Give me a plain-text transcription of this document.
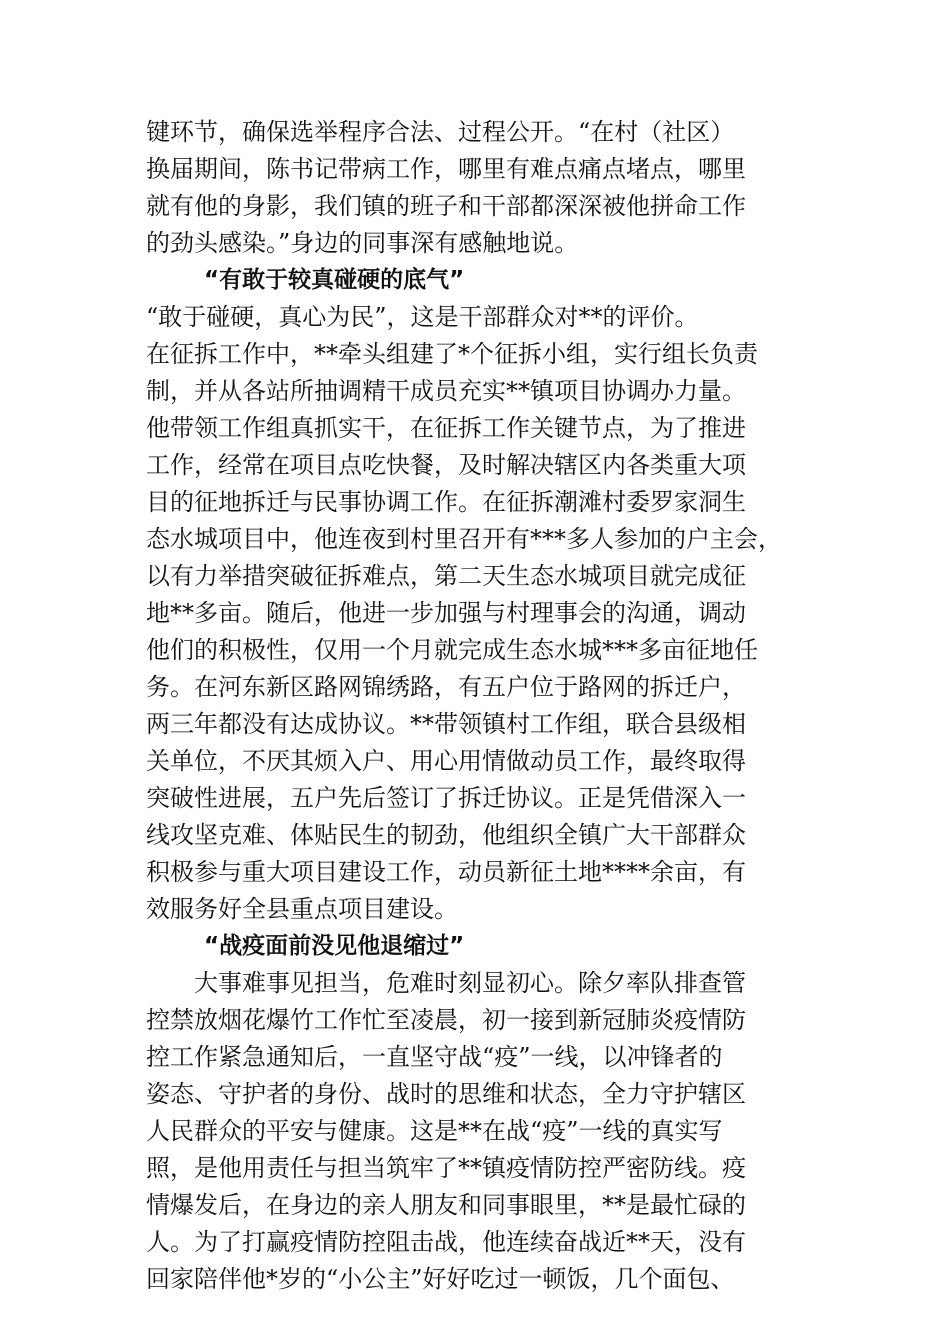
键环节，确保选举程序合法、过程公开。“在村（社区）
换届期间，陈书记带病工作，哪里有难点痛点堵点，哪里
就有他的身影，我们镇的班子和干部都深深被他拼命工作
的劲头感染。”身边的同事深有感触地说。
“有敢于较真碰硬的底气”
“敢于碰硬，真心为民”，这是干部群众对**的评价。
在征拆工作中，**牵头组建了*个征拆小组，实行组长负责
制，并从各站所抽调精干成员充实**镇项目协调办力量。
他带领工作组真抓实干，在征拆工作关键节点，为了推进
工作，经常在项目点吃快餐，及时解决辖区内各类重大项
目的征地拆迁与民事协调工作。在征拆潮滩村委罗家洞生
态水城项目中，他连夜到村里召开有***多人参加的户主会，
以有力举措突破征拆难点，第二天生态水城项目就完成征
地**多亩。随后，他进一步加强与村理事会的沟通，调动
他们的积极性，仅用一个月就完成生态水城***多亩征地任
务。在河东新区路网锦绣路，有五户位于路网的拆迁户，
两三年都没有达成协议。**带领镇村工作组，联合县级相
关单位，不厌其烦入户、用心用情做动员工作，最终取得
突破性进展，五户先后签订了拆迁协议。正是凭借深入一
线攻坚克难、体贴民生的韧劲，他组织全镇广大干部群众
积极参与重大项目建设工作，动员新征土地****余亩，有
效服务好全县重点项目建设。
“战疫面前没见他退缩过”
　　大事难事见担当，危难时刻显初心。除夕率队排查管
控禁放烟花爆竹工作忙至凌晨，初一接到新冠肺炎疫情防
控工作紧急通知后，一直坚守战“疫”一线，以冲锋者的
姿态、守护者的身份、战时的思维和状态，全力守护辖区
人民群众的平安与健康。这是**在战“疫”一线的真实写
照，是他用责任与担当筑牢了**镇疫情防控严密防线。疫
情爆发后，在身边的亲人朋友和同事眼里，**是最忙碌的
人。为了打赢疫情防控阻击战，他连续奋战近**天，没有
回家陪伴他*岁的“小公主”好好吃过一顿饭，几个面包、
